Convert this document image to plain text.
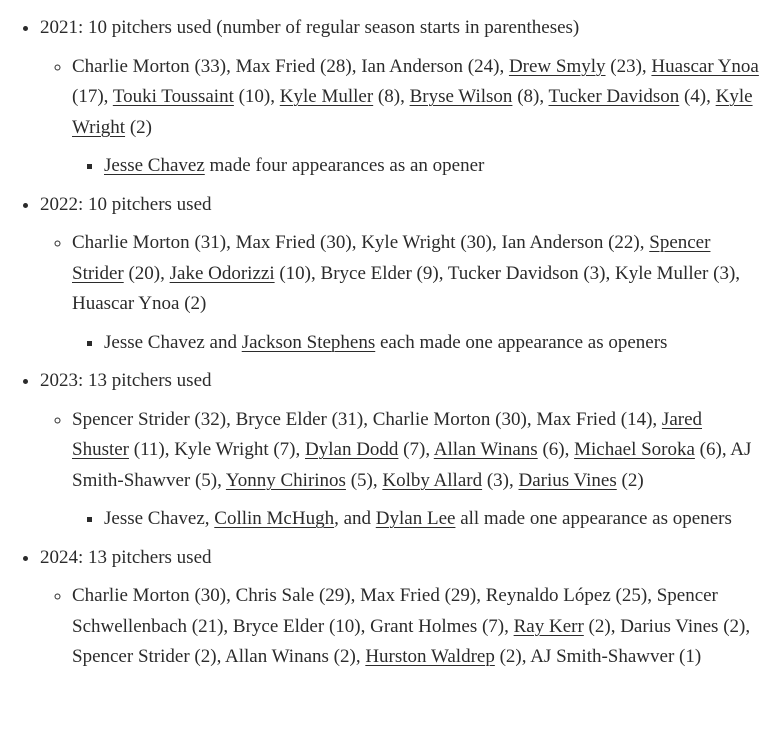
• 2021: 10 pitchers used (number of regular season starts in parentheses)
◦ Charlie Morton (33), Max Fried (28), Ian Anderson (24), Drew Smyly (23), Huascar Ynoa (17), Touki Toussaint (10), Kyle Muller (8), Bryse Wilson (8), Tucker Davidson (4), Kyle Wright (2)
▪ Jesse Chavez made four appearances as an opener
• 2022: 10 pitchers used
◦ Charlie Morton (31), Max Fried (30), Kyle Wright (30), Ian Anderson (22), Spencer Strider (20), Jake Odorizzi (10), Bryce Elder (9), Tucker Davidson (3), Kyle Muller (3), Huascar Ynoa (2)
▪ Jesse Chavez and Jackson Stephens each made one appearance as openers
• 2023: 13 pitchers used
◦ Spencer Strider (32), Bryce Elder (31), Charlie Morton (30), Max Fried (14), Jared Shuster (11), Kyle Wright (7), Dylan Dodd (7), Allan Winans (6), Michael Soroka (6), AJ Smith-Shawver (5), Yonny Chirinos (5), Kolby Allard (3), Darius Vines (2)
▪ Jesse Chavez, Collin McHugh, and Dylan Lee all made one appearance as openers
• 2024: 13 pitchers used
◦ Charlie Morton (30), Chris Sale (29), Max Fried (29), Reynaldo López (25), Spencer Schwellenbach (21), Bryce Elder (10), Grant Holmes (7), Ray Kerr (2), Darius Vines (2), Spencer Strider (2), Allan Winans (2), Hurston Waldrep (2), AJ Smith-Shawver (1)
